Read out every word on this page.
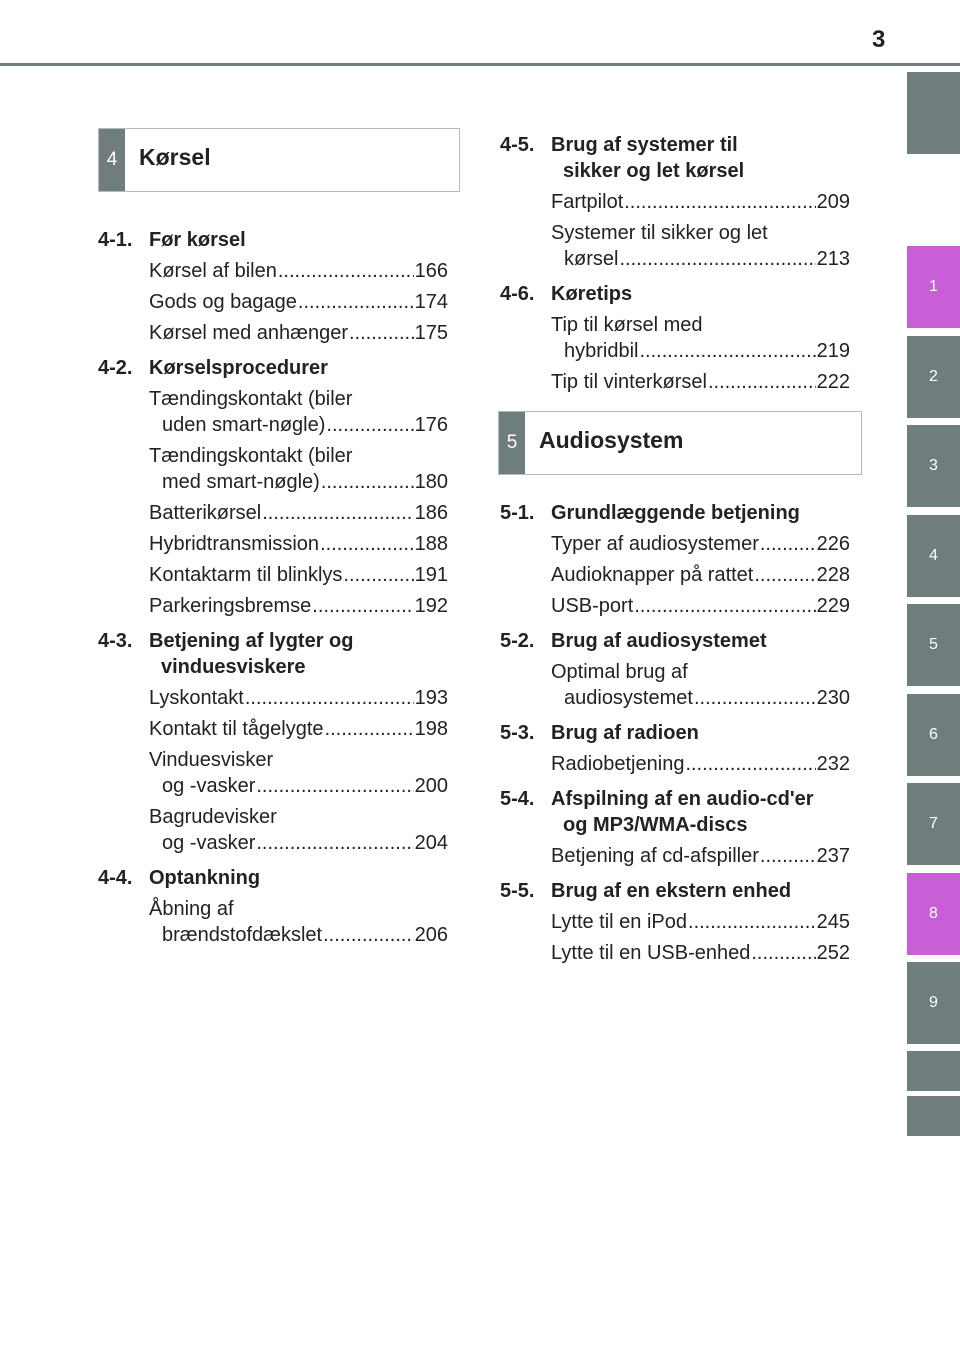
3
1
2
3
4
5
6
7
8
9
4 Kørsel
4-1. Før kørsel
Kørsel af bilen .....	166
Gods og bagage .....	174
Kørsel med anhænger .....	175
4-2. Kørselsprocedurer
Tændingskontakt (biler
uden smart-nøgle) .....	176
Tændingskontakt (biler
med smart-nøgle) .....	180
Batterikørsel .....	186
Hybridtransmission .....	188
Kontaktarm til blinklys .....	191
Parkeringsbremse .....	192
4-3. Betjening af lygter og
vinduesviskere
Lyskontakt .....	193
Kontakt til tågelygte .....	198
Vinduesvisker
og -vasker .....	200
Bagrudevisker
og -vasker .....	204
4-4. Optankning
Åbning af
brændstofdækslet .....	206
4-5. Brug af systemer til
sikker og let kørsel
Fartpilot .....	209
Systemer til sikker og let
kørsel .....	213
4-6. Køretips
Tip til kørsel med
hybridbil .....	219
Tip til vinterkørsel .....	222
5 Audiosystem
5-1. Grundlæggende betjening
Typer af audiosystemer .....	226
Audioknapper på rattet .....	228
USB-port .....	229
5-2. Brug af audiosystemet
Optimal brug af
audiosystemet .....	230
5-3. Brug af radioen
Radiobetjening .....	232
5-4. Afspilning af en audio-cd'er
og MP3/WMA-discs
Betjening af cd-afspiller .....	237
5-5. Brug af en ekstern enhed
Lytte til en iPod .....	245
Lytte til en USB-enhed .....	252
